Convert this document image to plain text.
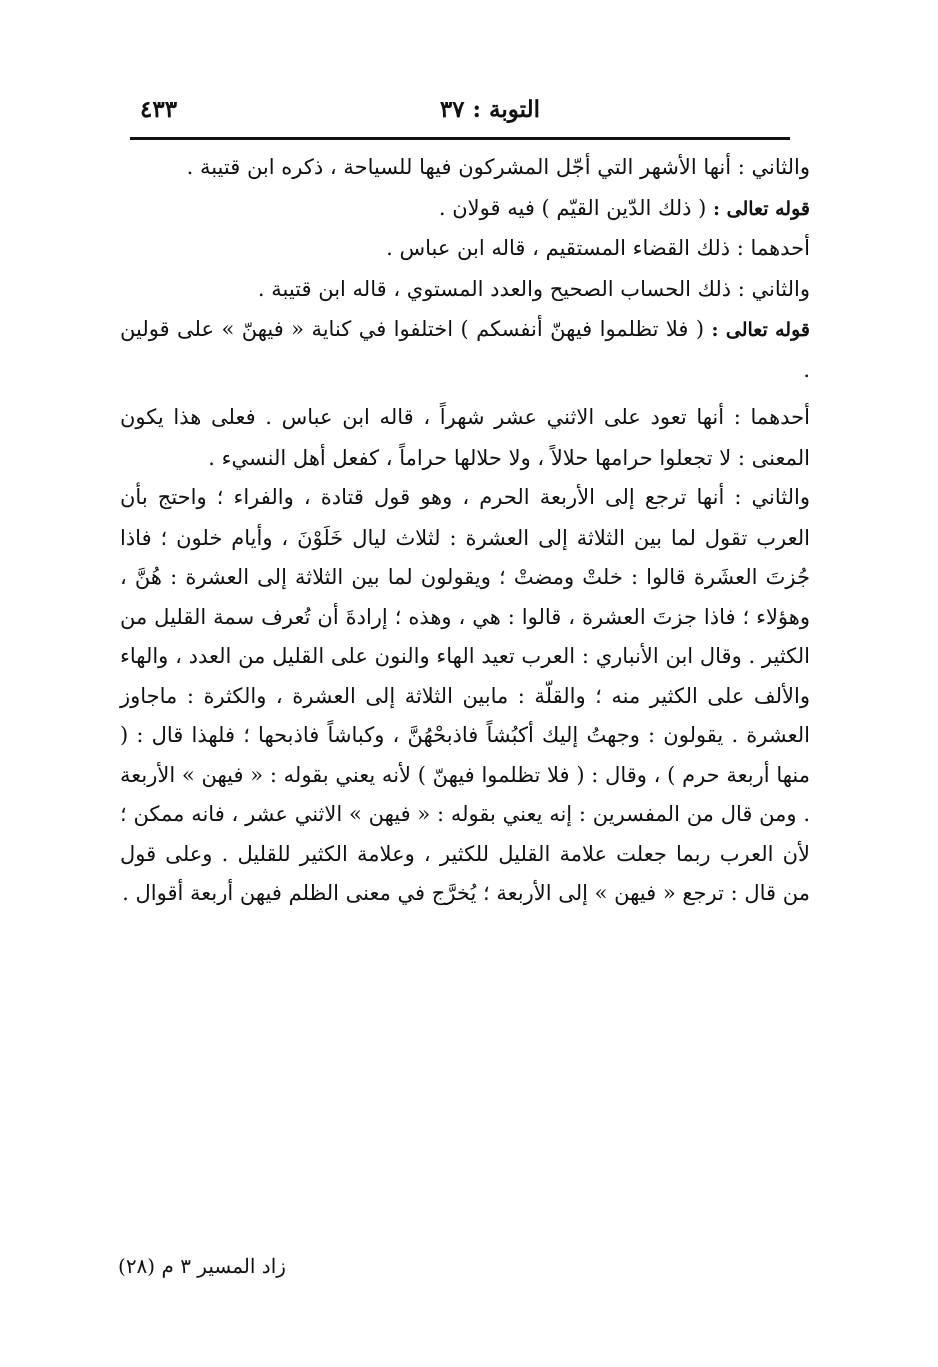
التوبة : ٣٧
٤٣٣

والثاني : أنها الأشهر التي أجّل المشركون فيها للسياحة ، ذكره ابن قتيبة .

قوله تعالى : ( ذلك الدّين القيّم ) فيه قولان .

أحدهما : ذلك القضاء المستقيم ، قاله ابن عباس .

والثاني : ذلك الحساب الصحيح والعدد المستوي ، قاله ابن قتيبة .

قوله تعالى : ( فلا تظلموا فيهنّ أنفسكم ) اختلفوا في كناية « فيهنّ » على قولين .

أحدهما : أنها تعود على الاثني عشر شهراً ، قاله ابن عباس . فعلى هذا يكون المعنى : لا تجعلوا حرامها حلالاً ، ولا حلالها حراماً ، كفعل أهل النسيء .

والثاني : أنها ترجع إلى الأربعة الحرم ، وهو قول قتادة ، والفراء ؛ واحتج بأن العرب تقول لما بين الثلاثة إلى العشرة : لثلاث ليال خَلَوْنَ ، وأيام خلون ؛ فاذا جُزتَ العشَرة قالوا : خلتْ ومضتْ ؛ ويقولون لما بين الثلاثة إلى العشرة : هُنَّ ، وهؤلاء ؛ فاذا جزتَ العشرة ، قالوا : هي ، وهذه ؛ إرادةَ أن تُعرف سمة القليل من الكثير . وقال ابن الأنباري : العرب تعيد الهاء والنون على القليل من العدد ، والهاء والألف على الكثير منه ؛ والقلّة : مابين الثلاثة إلى العشرة ، والكثرة : ماجاوز العشرة . يقولون : وجهتُ إليك أكبُشاً فاذبحْهُنَّ ، وكباشاً فاذبحها ؛ فلهذا قال : ( منها أربعة حرم ) ، وقال : ( فلا تظلموا فيهنّ ) لأنه يعني بقوله : « فيهن » الأربعة . ومن قال من المفسرين : إنه يعني بقوله : « فيهن » الاثني عشر ، فانه ممكن ؛ لأن العرب ربما جعلت علامة القليل للكثير ، وعلامة الكثير للقليل . وعلى قول من قال : ترجع « فيهن » إلى الأربعة ؛ يُخرَّج في معنى الظلم فيهن أربعة أقوال .

زاد المسير ٣ م (٢٨)
